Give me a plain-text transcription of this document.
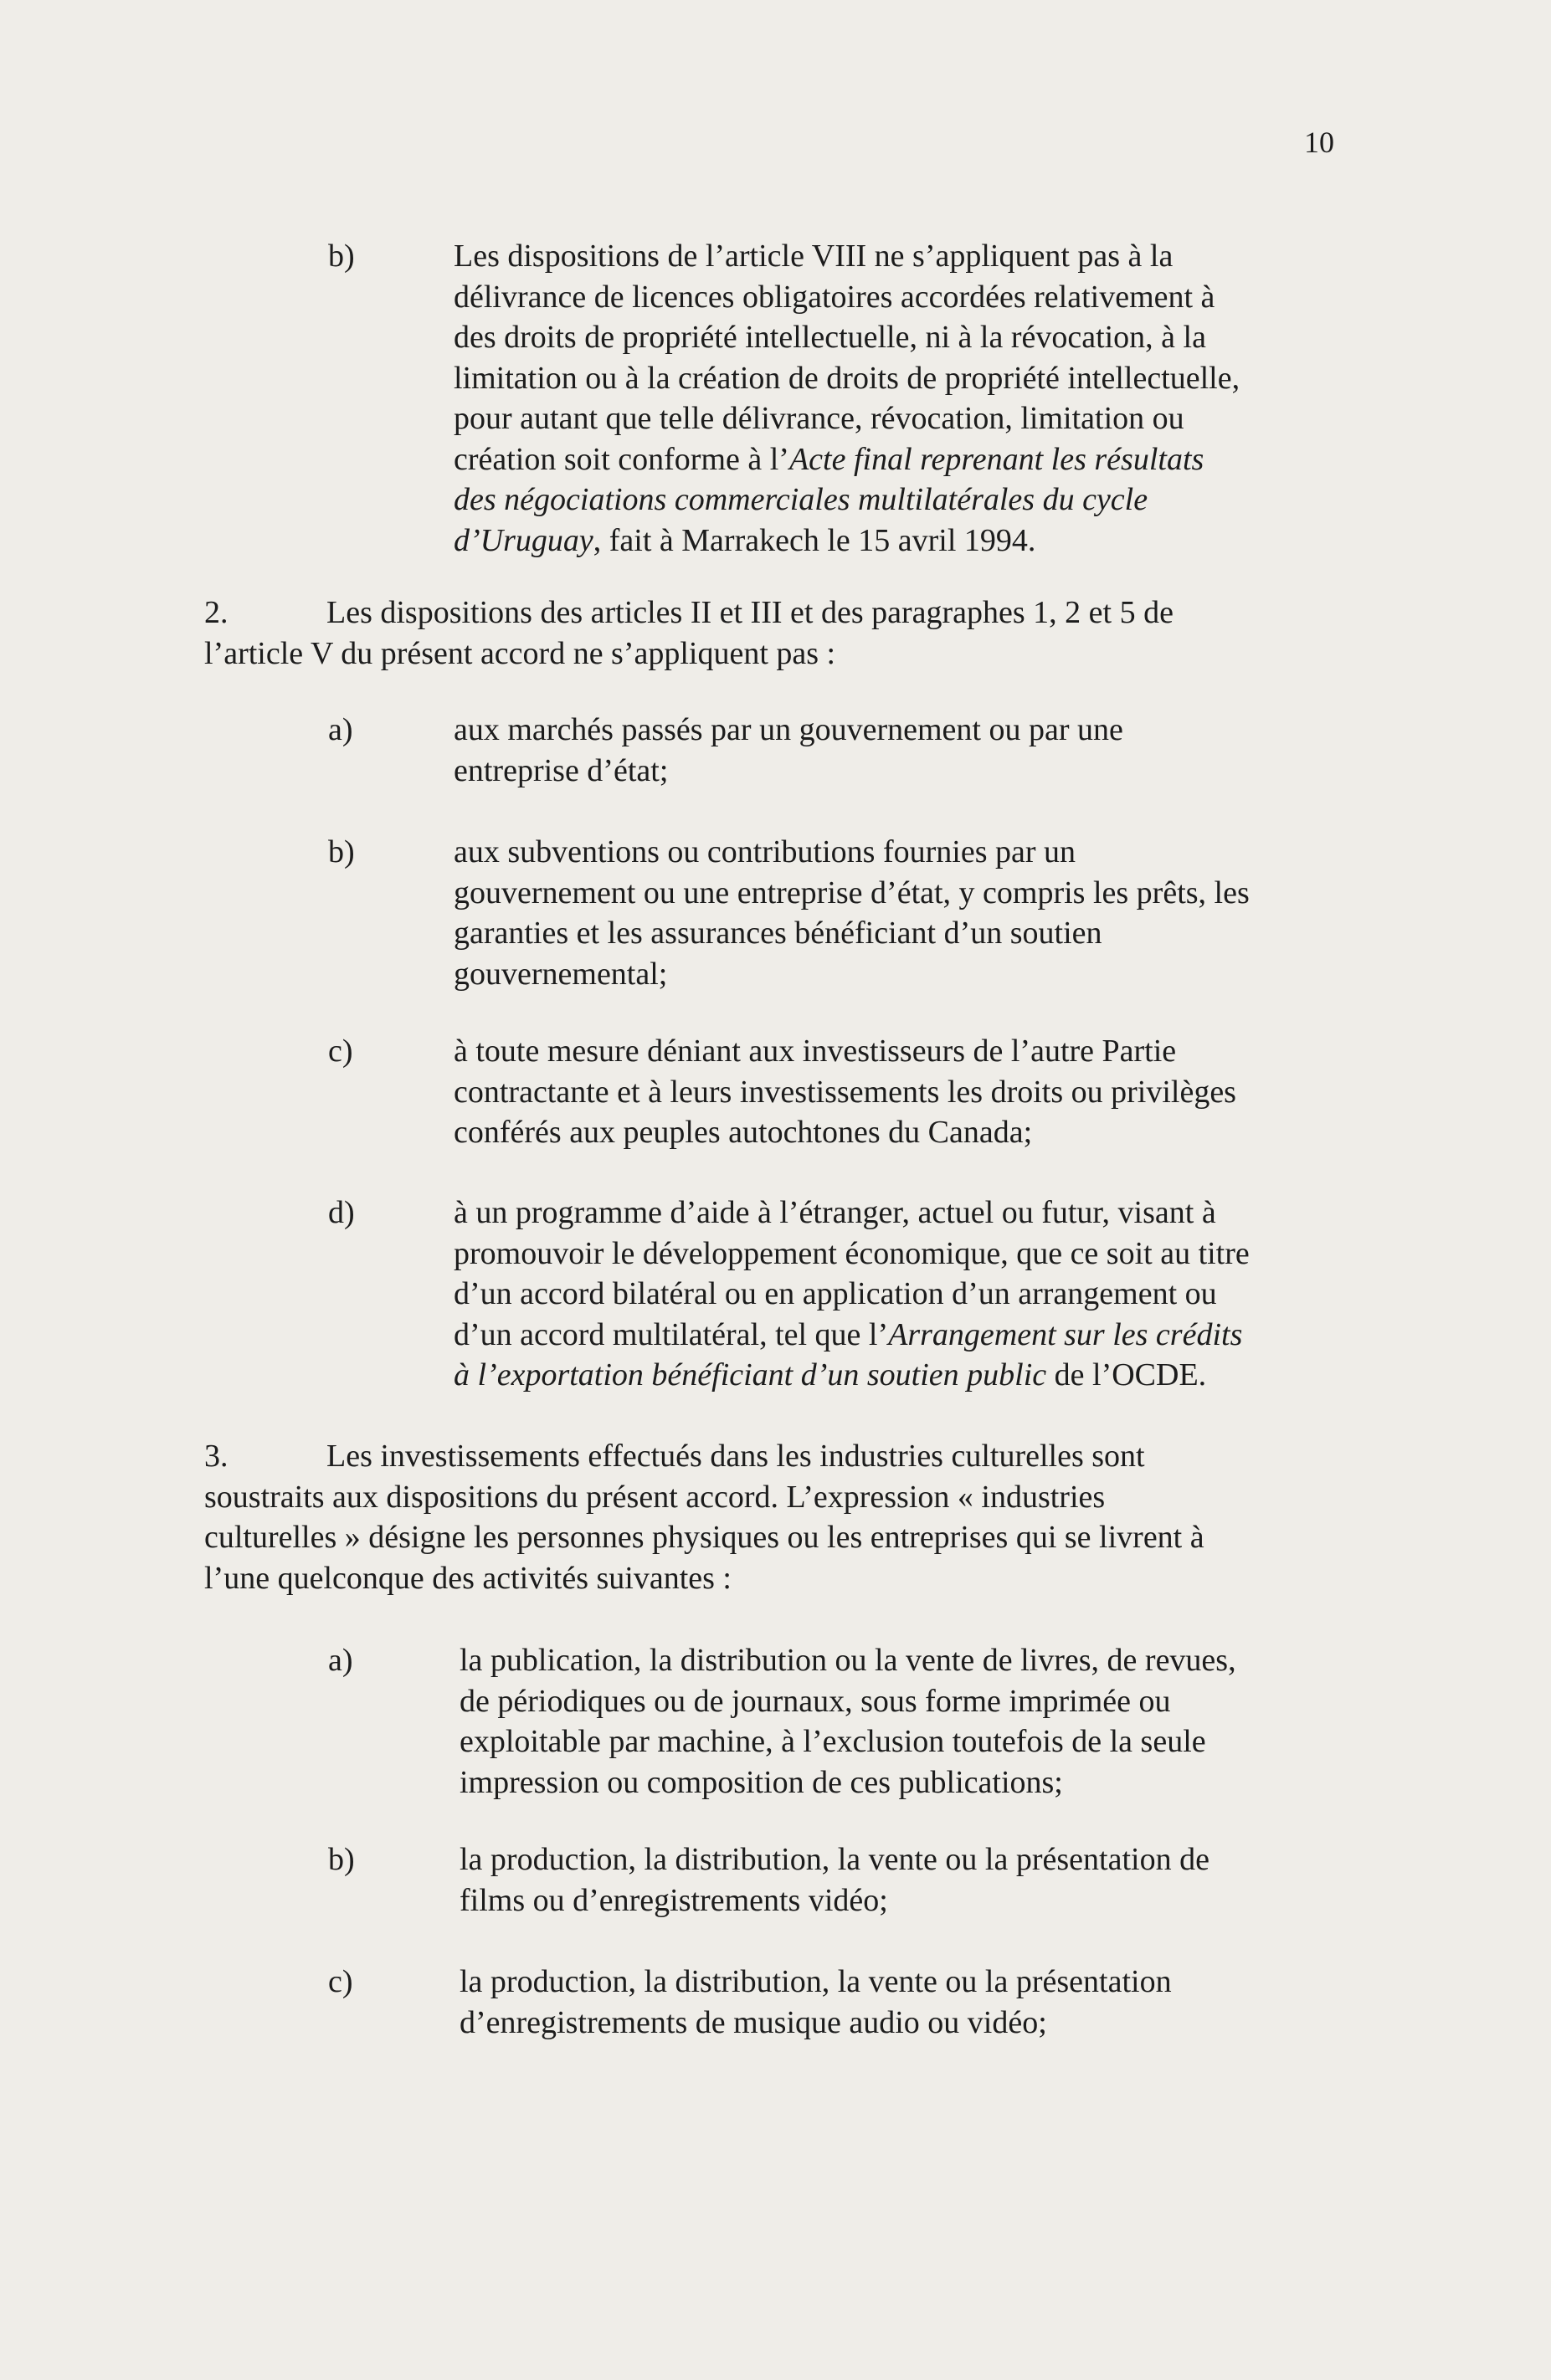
10
b)	Les dispositions de l’article VIII ne s’appliquent pas à la
délivrance de licences obligatoires accordées relativement à
des droits de propriété intellectuelle, ni à la révocation, à la
limitation ou à la création de droits de propriété intellectuelle,
pour autant que telle délivrance, révocation, limitation ou
création soit conforme à l’Acte final reprenant les résultats
des négociations commerciales multilatérales du cycle
d’Uruguay, fait à Marrakech le 15 avril 1994.
2.	Les dispositions des articles II et III et des paragraphes 1, 2 et 5 de
l’article V du présent accord ne s’appliquent pas :
a)	aux marchés passés par un gouvernement ou par une
entreprise d’état;
b)	aux subventions ou contributions fournies par un
gouvernement ou une entreprise d’état, y compris les prêts, les
garanties et les assurances bénéficiant d’un soutien
gouvernemental;
c)	à toute mesure déniant aux investisseurs de l’autre Partie
contractante et à leurs investissements les droits ou privilèges
conférés aux peuples autochtones du Canada;
d)	à un programme d’aide à l’étranger, actuel ou futur, visant à
promouvoir le développement économique, que ce soit au titre
d’un accord bilatéral ou en application d’un arrangement ou
d’un accord multilatéral, tel que l’Arrangement sur les crédits
à l’exportation bénéficiant d’un soutien public de l’OCDE.
3.	Les investissements effectués dans les industries culturelles sont
soustraits aux dispositions du présent accord. L’expression « industries
culturelles » désigne les personnes physiques ou les entreprises qui se livrent à
l’une quelconque des activités suivantes :
a)	la publication, la distribution ou la vente de livres, de revues,
de périodiques ou de journaux, sous forme imprimée ou
exploitable par machine, à l’exclusion toutefois de la seule
impression ou composition de ces publications;
b)	la production, la distribution, la vente ou la présentation de
films ou d’enregistrements vidéo;
c)	la production, la distribution, la vente ou la présentation
d’enregistrements de musique audio ou vidéo;
